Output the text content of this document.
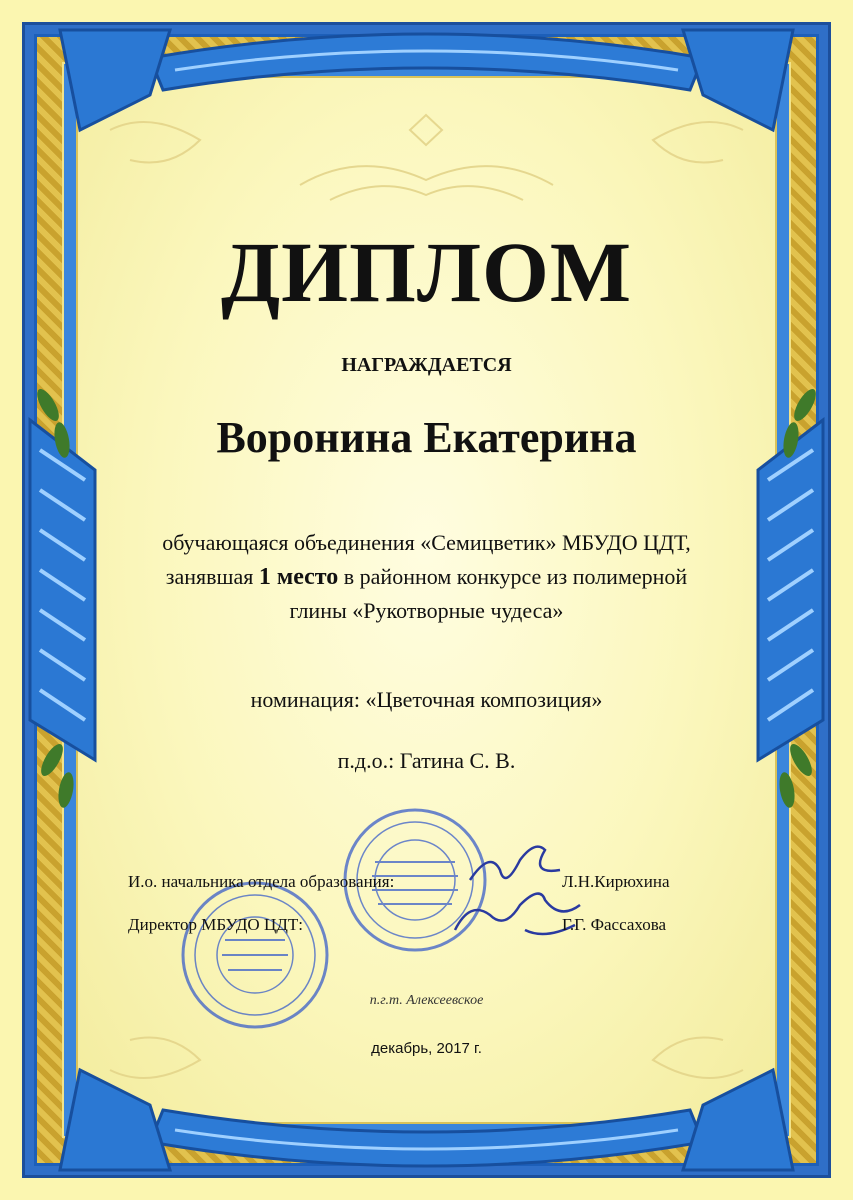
ДИПЛОМ
НАГРАЖДАЕТСЯ
Воронина Екатерина
обучающаяся объединения «Семицветик» МБУДО ЦДТ,
занявшая 1 место в районном конкурсе из полимерной
глины «Рукотворные чудеса»
номинация: «Цветочная композиция»
п.д.о.: Гатина С. В.
И.о. начальника отдела образования:	Л.Н.Кирюхина
Директор МБУДО ЦДТ:	Г.Г. Фассахова
п.г.т. Алексеевское
декабрь, 2017 г.
